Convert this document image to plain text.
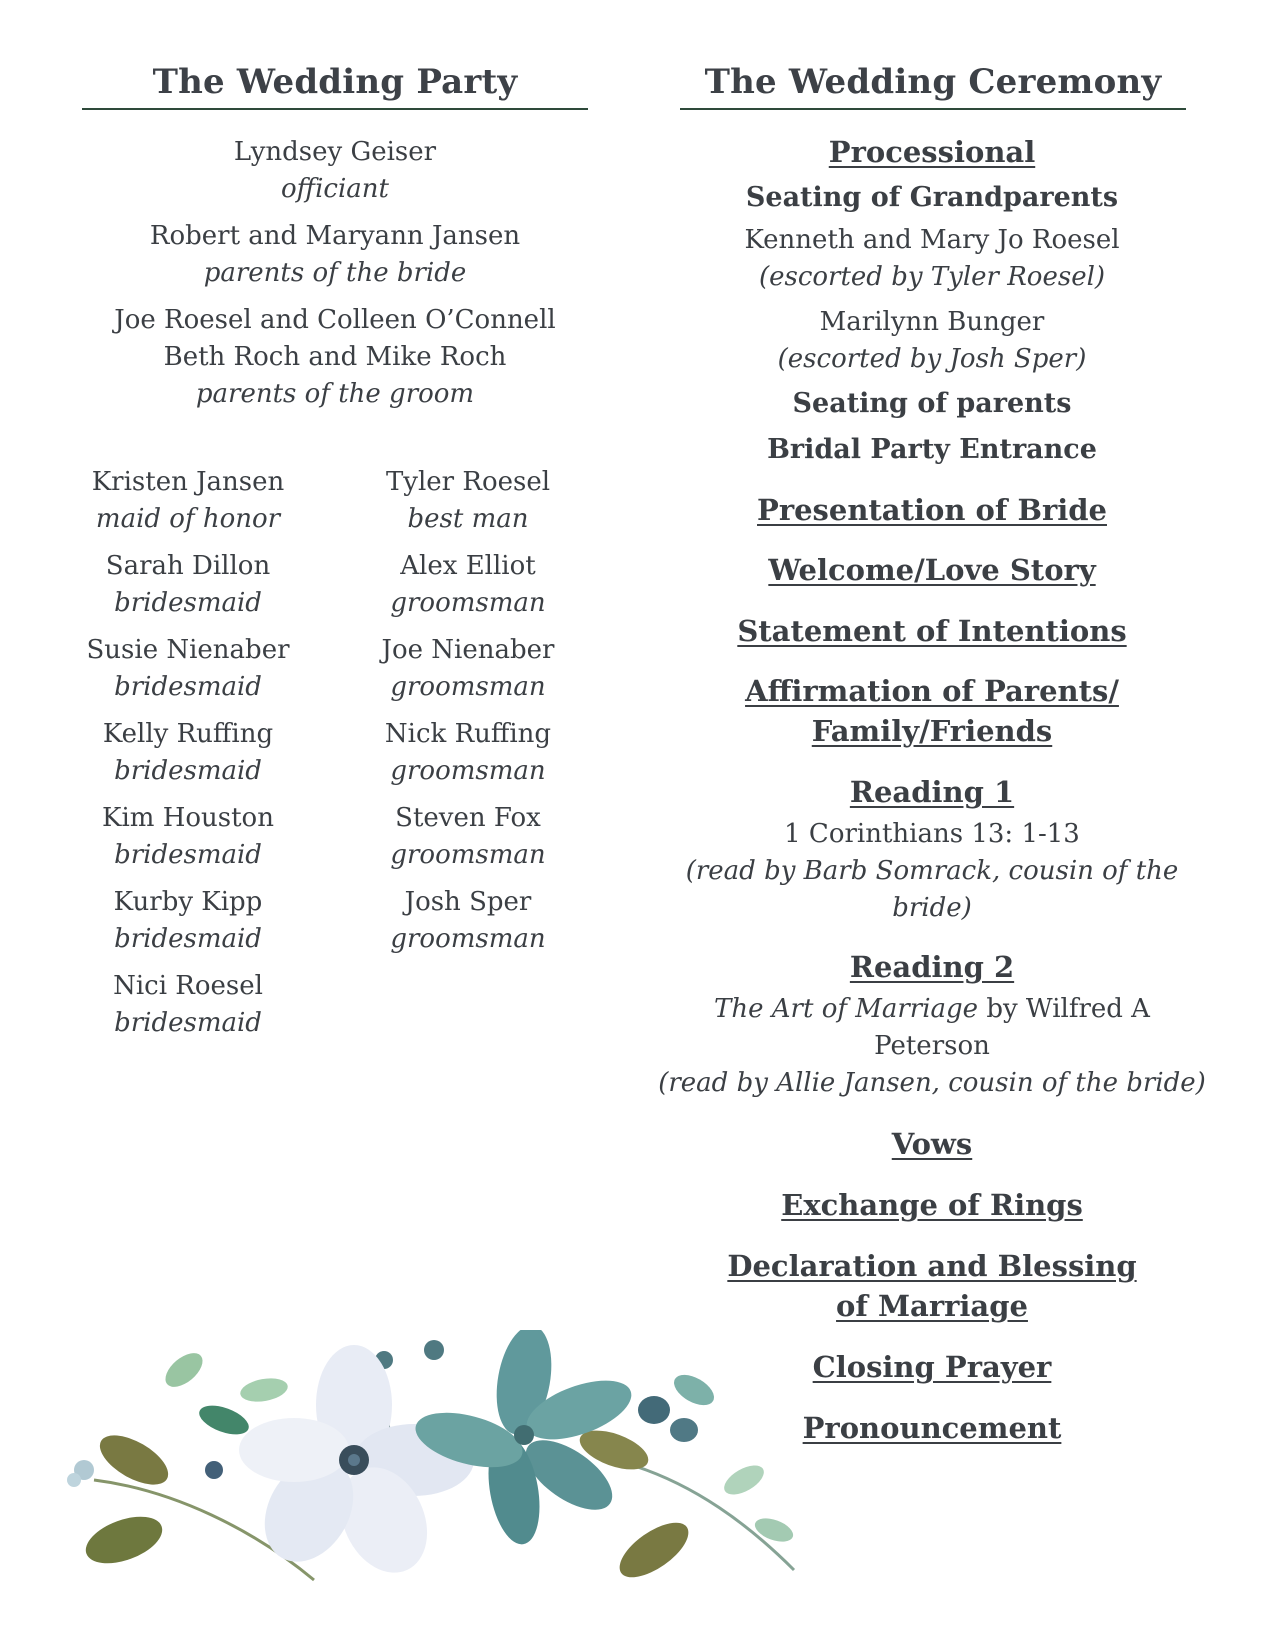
The Wedding Party
Lyndsey Geiser
officiant
Robert and Maryann Jansen
parents of the bride
Joe Roesel and Colleen O’Connell
Beth Roch and Mike Roch
parents of the groom
Kristen Jansen
maid of honor
Sarah Dillon
bridesmaid
Susie Nienaber
bridesmaid
Kelly Ruffing
bridesmaid
Kim Houston
bridesmaid
Kurby Kipp
bridesmaid
Nici Roesel
bridesmaid
Tyler Roesel
best man
Alex Elliot
groomsman
Joe Nienaber
groomsman
Nick Ruffing
groomsman
Steven Fox
groomsman
Josh Sper
groomsman
The Wedding Ceremony
Processional
Seating of Grandparents
Kenneth and Mary Jo Roesel
(escorted by Tyler Roesel)
Marilynn Bunger
(escorted by Josh Sper)
Seating of parents
Bridal Party Entrance
Presentation of Bride
Welcome/Love Story
Statement of Intentions
Affirmation of Parents/
Family/Friends
Reading 1
1 Corinthians 13: 1-13
(read by Barb Somrack, cousin of the bride)
Reading 2
The Art of Marriage by Wilfred A Peterson
(read by Allie Jansen, cousin of the bride)
Vows
Exchange of Rings
Declaration and Blessing
of Marriage
Closing Prayer
Pronouncement
